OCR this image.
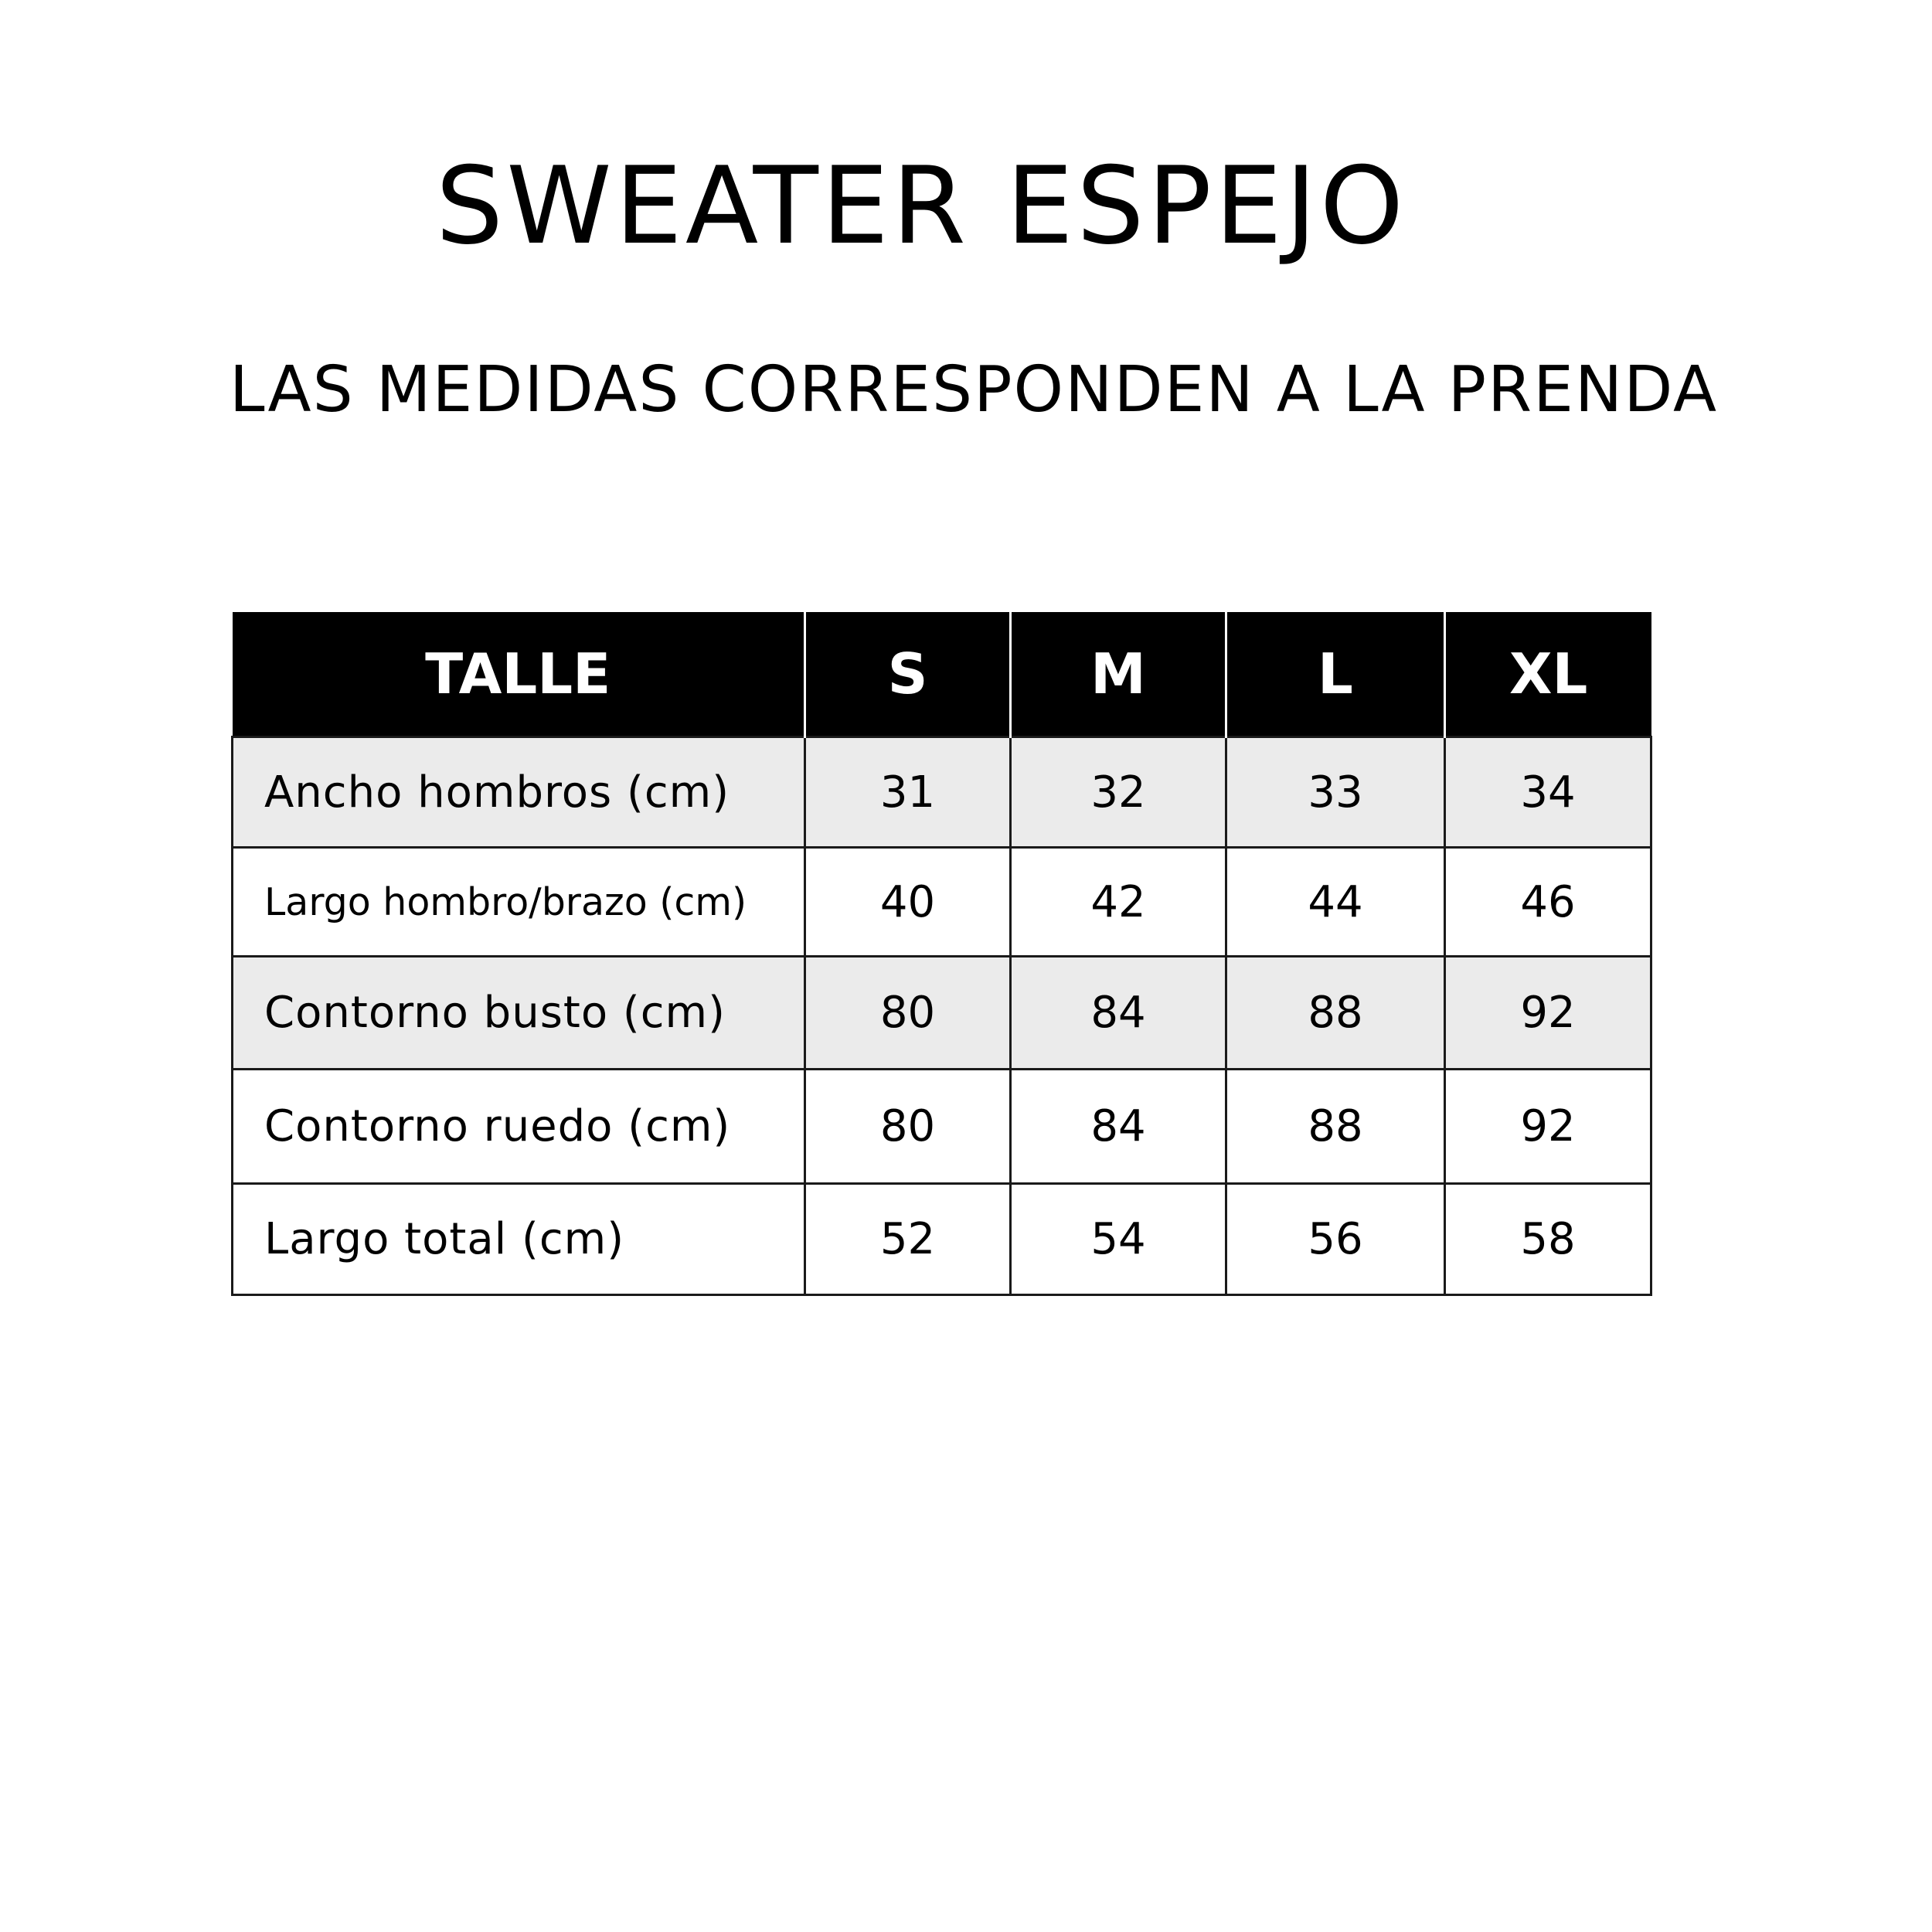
SWEATER ESPEJO
LAS MEDIDAS CORRESPONDEN A LA PRENDA
TALLE	S	M	L	XL
Ancho hombros (cm)	31	32	33	34
Largo hombro/brazo (cm)	40	42	44	46
Contorno busto (cm)	80	84	88	92
Contorno ruedo (cm)	80	84	88	92
Largo total (cm)	52	54	56	58
